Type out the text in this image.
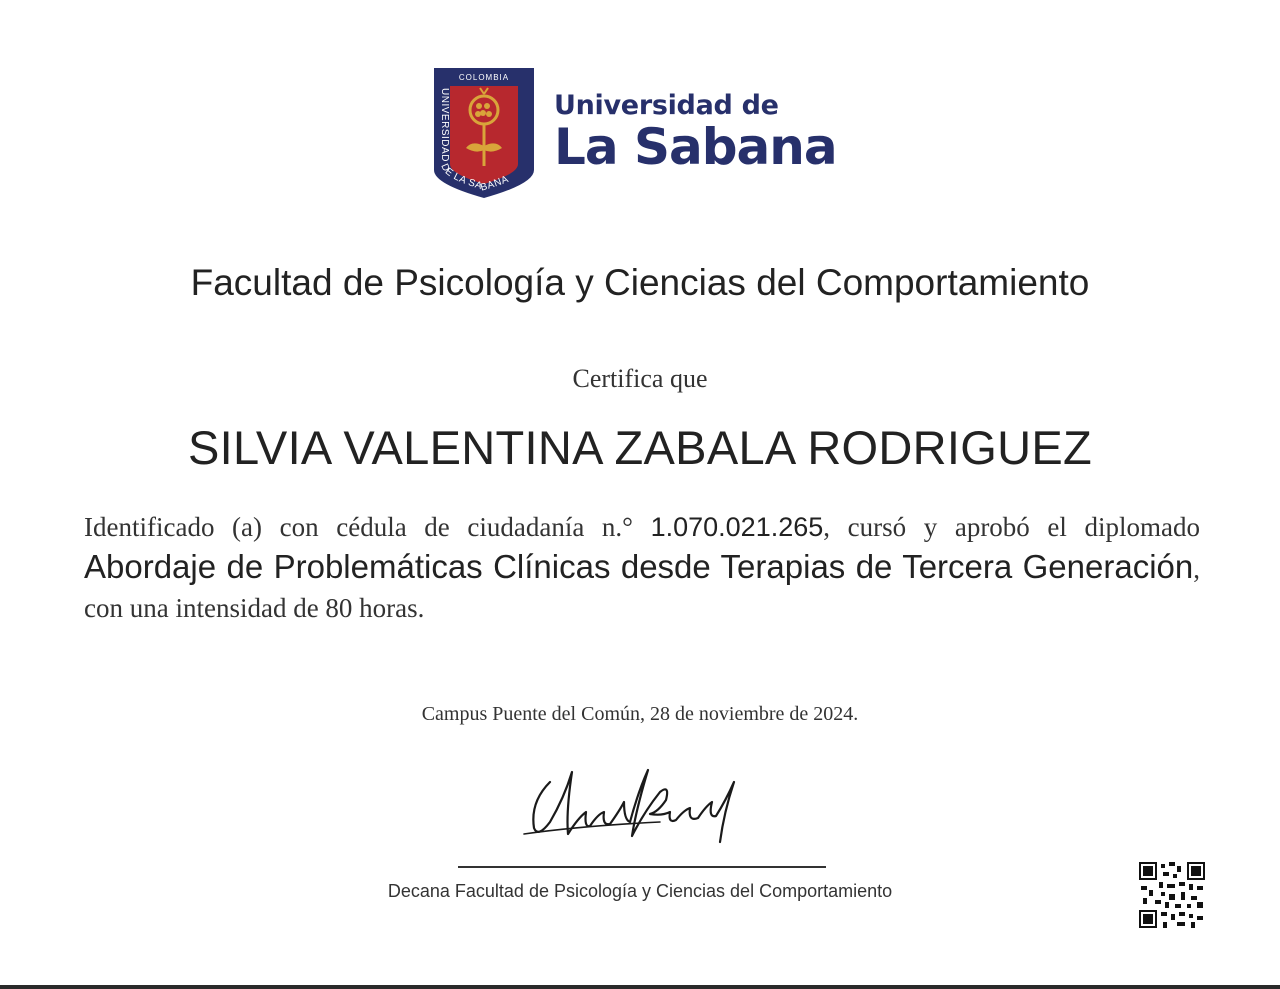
COLOMBIA
UNIVERSIDAD DE LA SABANA
Universidad de
La Sabana
Facultad de Psicología y Ciencias del Comportamiento
Certifica que
SILVIA VALENTINA ZABALA RODRIGUEZ
Identificado (a) con cédula de ciudadanía n.° 1.070.021.265, cursó y aprobó el diplomado Abordaje de Problemáticas Clínicas desde Terapias de Tercera Generación, con una intensidad de 80 horas.
Campus Puente del Común, 28 de noviembre de 2024.
Decana Facultad de Psicología y Ciencias del Comportamiento
